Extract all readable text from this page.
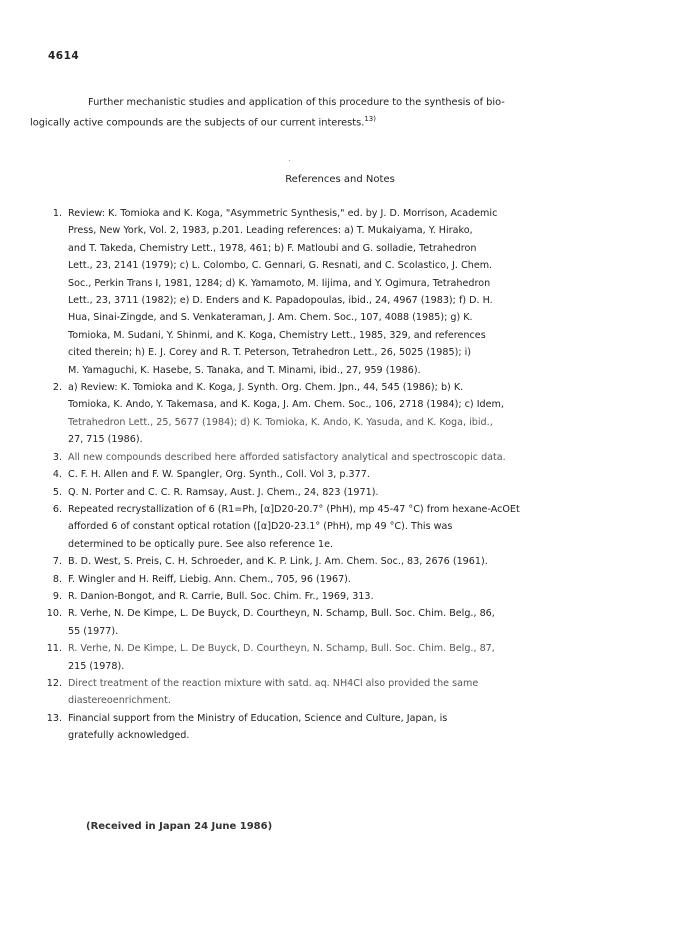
4614
Further mechanistic studies and application of this procedure to the synthesis of bio-
logically active compounds are the subjects of our current interests.$^{13)}$
References and Notes
1. Review: K. Tomioka and K. Koga, "Asymmetric Synthesis," ed. by J. D. Morrison, Academic
Press, New York, Vol. 2, 1983, p.201. Leading references: a) T. Mukaiyama, Y. Hirako,
and T. Takeda, Chemistry Lett., 1978, 461; b) F. Matloubi and G. solladie, Tetrahedron
Lett., 23, 2141 (1979); c) L. Colombo, C. Gennari, G. Resnati, and C. Scolastico, J. Chem.
Soc., Perkin Trans I, 1981, 1284; d) K. Yamamoto, M. Iijima, and Y. Ogimura, Tetrahedron
Lett., 23, 3711 (1982); e) D. Enders and K. Papadopoulas, ibid., 24, 4967 (1983); f) D. H.
Hua, Sinai-Zingde, and S. Venkateraman, J. Am. Chem. Soc., 107, 4088 (1985); g) K.
Tomioka, M. Sudani, Y. Shinmi, and K. Koga, Chemistry Lett., 1985, 329, and references
cited therein; h) E. J. Corey and R. T. Peterson, Tetrahedron Lett., 26, 5025 (1985); i)
M. Yamaguchi, K. Hasebe, S. Tanaka, and T. Minami, ibid., 27, 959 (1986).
2. a) Review: K. Tomioka and K. Koga, J. Synth. Org. Chem. Jpn., 44, 545 (1986); b) K.
Tomioka, K. Ando, Y. Takemasa, and K. Koga, J. Am. Chem. Soc., 106, 2718 (1984); c) Idem,
Tetrahedron Lett., 25, 5677 (1984); d) K. Tomioka, K. Ando, K. Yasuda, and K. Koga, ibid.,
27, 715 (1986).
3. All new compounds described here afforded satisfactory analytical and spectroscopic data.
4. C. F. H. Allen and F. W. Spangler, Org. Synth., Coll. Vol 3, p.377.
5. Q. N. Porter and C. C. R. Ramsay, Aust. J. Chem., 24, 823 (1971).
6. Repeated recrystallization of 6 (R1=Ph, [α]D20-20.7° (PhH), mp 45-47 °C) from hexane-AcOEt
afforded 6 of constant optical rotation ([α]D20-23.1° (PhH), mp 49 °C). This was
determined to be optically pure. See also reference 1e.
7. B. D. West, S. Preis, C. H. Schroeder, and K. P. Link, J. Am. Chem. Soc., 83, 2676 (1961).
8. F. Wingler and H. Reiff, Liebig. Ann. Chem., 705, 96 (1967).
9. R. Danion-Bongot, and R. Carrie, Bull. Soc. Chim. Fr., 1969, 313.
10. R. Verhe, N. De Kimpe, L. De Buyck, D. Courtheyn, N. Schamp, Bull. Soc. Chim. Belg., 86,
55 (1977).
11. R. Verhe, N. De Kimpe, L. De Buyck, D. Courtheyn, N. Schamp, Bull. Soc. Chim. Belg., 87,
215 (1978).
12. Direct treatment of the reaction mixture with satd. aq. NH4Cl also provided the same
diastereoenrichment.
13. Financial support from the Ministry of Education, Science and Culture, Japan, is
gratefully acknowledged.
(Received in Japan 24 June 1986)
